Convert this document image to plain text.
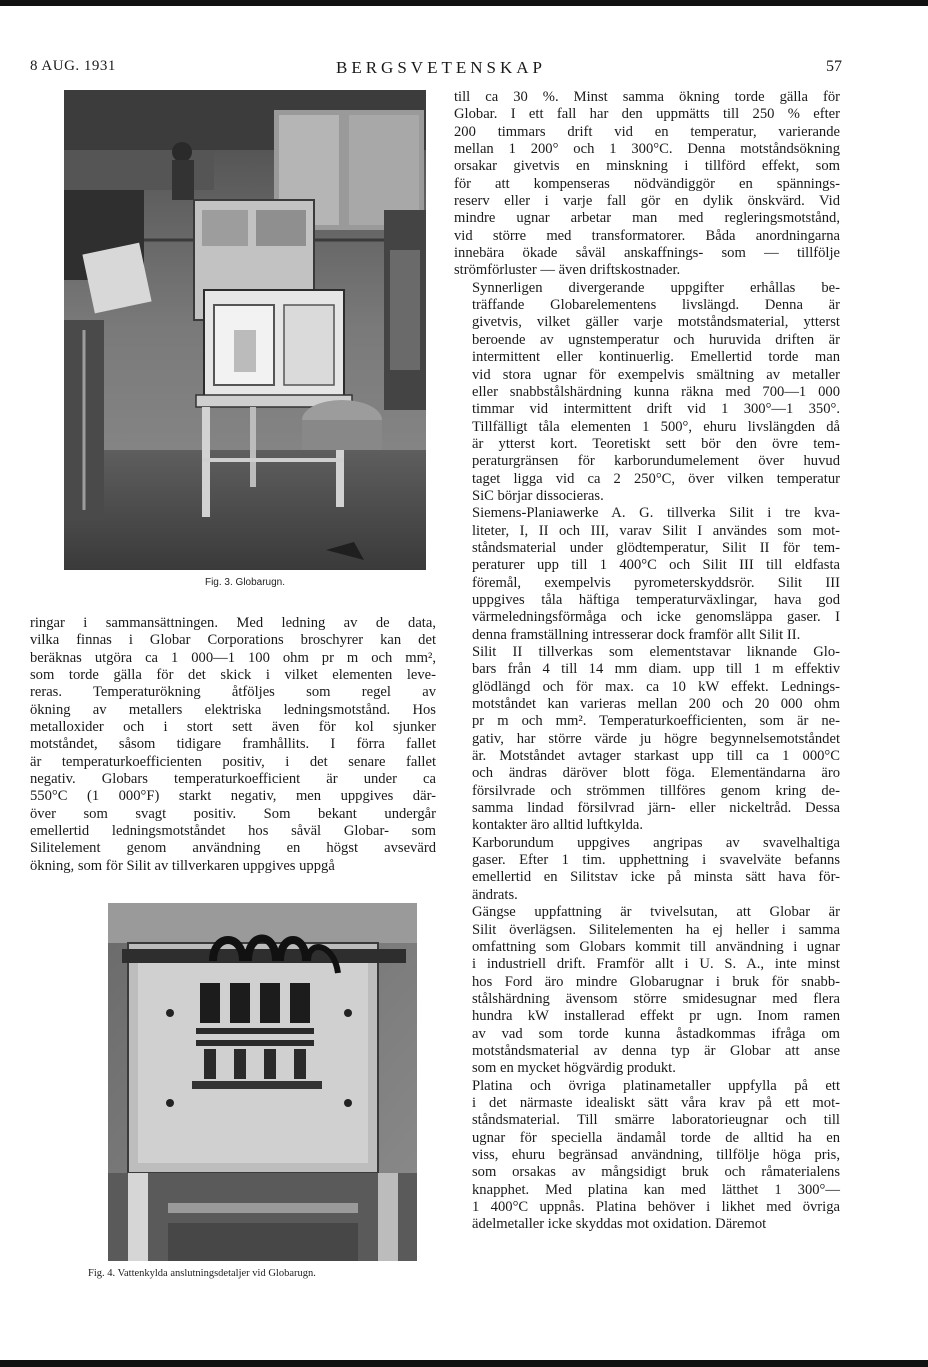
8 AUG. 1931	BERGSVETENSKAP	57
Fig. 3. Globarugn.
Fig. 4. Vattenkylda anslutningsdetaljer vid Globarugn.

ringar i sammansättningen. Med ledning av de data,
vilka finnas i Globar Corporations broschyrer kan det
beräknas utgöra ca 1 000—1 100 ohm pr m och mm²,
som torde gälla för det skick i vilket elementen leve-
reras. Temperaturökning åtföljes som regel av
ökning av metallers elektriska ledningsmotstånd. Hos
metalloxider och i stort sett även för kol sjunker
motståndet, såsom tidigare framhållits. I förra fallet
är temperaturkoefficienten positiv, i det senare fallet
negativ. Globars temperaturkoefficient är under ca
550°C (1 000°F) starkt negativ, men uppgives där-
över som svagt positiv. Som bekant undergår
emellertid ledningsmotståndet hos såväl Globar- som
Silitelement genom användning en högst avsevärd
ökning, som för Silit av tillverkaren uppgives uppgå

till ca 30 %. Minst samma ökning torde gälla för
Globar. I ett fall har den uppmätts till 250 % efter
200 timmars drift vid en temperatur, varierande
mellan 1 200° och 1 300°C. Denna motståndsökning
orsakar givetvis en minskning i tillförd effekt, som
för att kompenseras nödvändiggör en spännings-
reserv eller i varje fall gör en dylik önskvärd. Vid
mindre ugnar arbetar man med regleringsmotstånd,
vid större med transformatorer. Båda anordningarna
innebära ökade såväl anskaffnings- som — tillfölje
strömförluster — även driftskostnader.

Synnerligen divergerande uppgifter erhållas be-
träffande Globarelementens livslängd. Denna är
givetvis, vilket gäller varje motståndsmaterial, ytterst
beroende av ugnstemperatur och huruvida driften är
intermittent eller kontinuerlig. Emellertid torde man
vid stora ugnar för exempelvis smältning av metaller
eller snabbstålshärdning kunna räkna med 700—1 000
timmar vid intermittent drift vid 1 300°—1 350°.
Tillfälligt tåla elementen 1 500°, ehuru livslängden då
är ytterst kort. Teoretiskt sett bör den övre tem-
peraturgränsen för karborundumelement över huvud
taget ligga vid ca 2 250°C, över vilken temperatur
SiC börjar dissocieras.

Siemens-Planiawerke A. G. tillverka Silit i tre kva-
liteter, I, II och III, varav Silit I användes som mot-
ståndsmaterial under glödtemperatur, Silit II för tem-
peraturer upp till 1 400°C och Silit III till eldfasta
föremål, exempelvis pyrometerskyddsrör. Silit III
uppgives tåla häftiga temperaturväxlingar, hava god
värmeledningsförmåga och icke genomsläppa gaser. I
denna framställning intresserar dock framför allt Silit II.

Silit II tillverkas som elementstavar liknande Glo-
bars från 4 till 14 mm diam. upp till 1 m effektiv
glödlängd och för max. ca 10 kW effekt. Lednings-
motståndet kan varieras mellan 200 och 20 000 ohm
pr m och mm². Temperaturkoefficienten, som är ne-
gativ, har större värde ju högre begynnelsemotståndet
är. Motståndet avtager starkast upp till ca 1 000°C
och ändras däröver blott föga. Elementändarna äro
försilvrade och strömmen tillföres genom kring de-
samma lindad försilvrad järn- eller nickeltråd. Dessa
kontakter äro alltid luftkylda.

Karborundum uppgives angripas av svavelhaltiga
gaser. Efter 1 tim. upphettning i svavelväte befanns
emellertid en Silitstav icke på minsta sätt hava för-
ändrats.

Gängse uppfattning är tvivelsutan, att Globar är
Silit överlägsen. Silitelementen ha ej heller i samma
omfattning som Globars kommit till användning i ugnar
i industriell drift. Framför allt i U. S. A., inte minst
hos Ford äro mindre Globarugnar i bruk för snabb-
stålshärdning ävensom större smidesugnar med flera
hundra kW installerad effekt pr ugn. Inom ramen
av vad som torde kunna åstadkommas ifråga om
motståndsmaterial av denna typ är Globar att anse
som en mycket högvärdig produkt.

Platina och övriga platinametaller uppfylla på ett
i det närmaste idealiskt sätt våra krav på ett mot-
ståndsmaterial. Till smärre laboratorieugnar och till
ugnar för speciella ändamål torde de alltid ha en
viss, ehuru begränsad användning, tillfölje höga pris,
som orsakas av mångsidigt bruk och råmaterialens
knapphet. Med platina kan med lätthet 1 300°—
1 400°C uppnås. Platina behöver i likhet med övriga
ädelmetaller icke skyddas mot oxidation. Däremot
